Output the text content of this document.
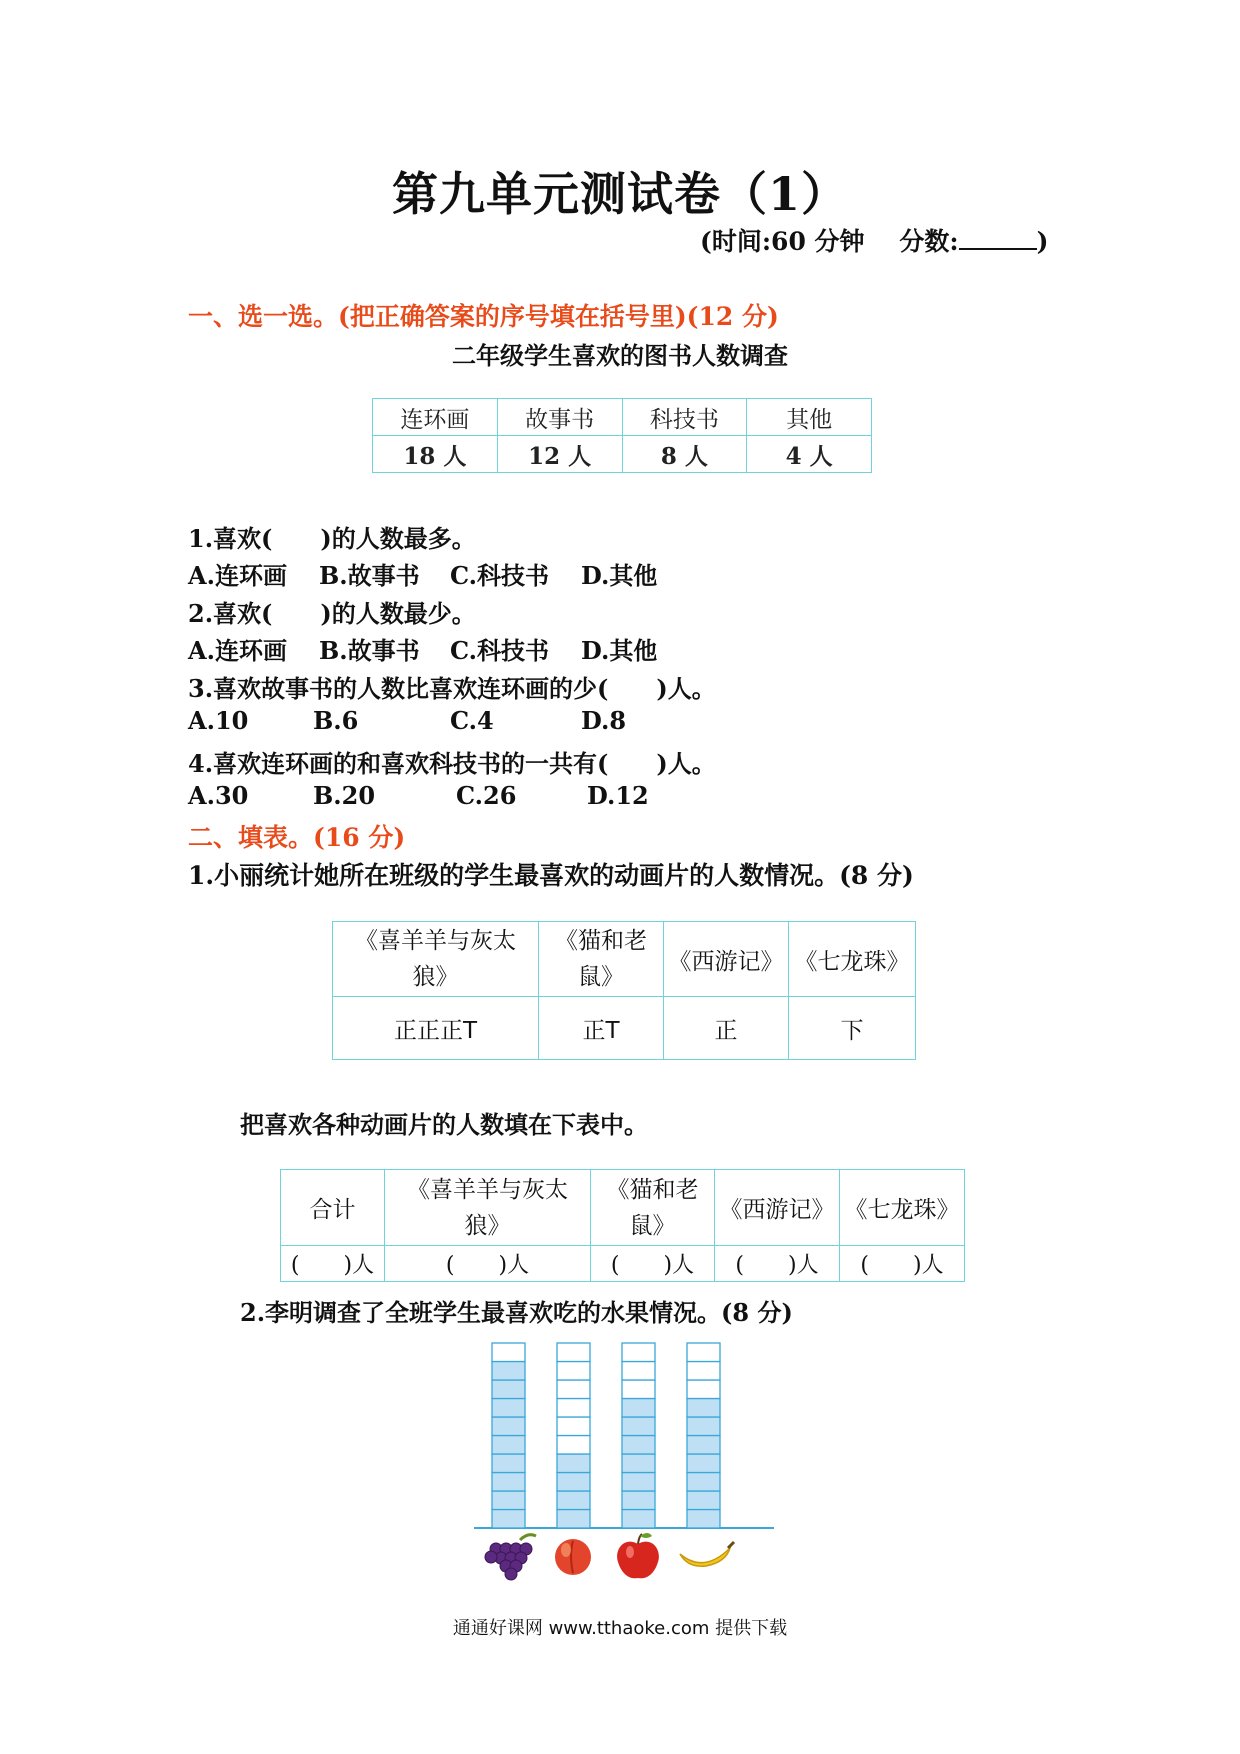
第九单元测试卷（1）
(时间:60 分钟 分数:	)
一、选一选。(把正确答案的序号填在括号里)(12 分)
二年级学生喜欢的图书人数调查
连环画	故事书	科技书	其他
18 人	12 人	8 人	4 人
1.喜欢(　　)的人数最多。
A.连环画 B.故事书 C.科技书 D.其他
2.喜欢(　　)的人数最少。
A.连环画 B.故事书 C.科技书 D.其他
3.喜欢故事书的人数比喜欢连环画的少(　　)人。
A.10	B.6	C.4	D.8
4.喜欢连环画的和喜欢科技书的一共有(　　)人。
A.30	B.20	C.26	D.12
二、填表。(16 分)
1.小丽统计她所在班级的学生最喜欢的动画片的人数情况。(8 分)
《喜羊羊与灰太狼》	《猫和老鼠》	《西游记》	《七龙珠》
正正正T	正T	正	下
把喜欢各种动画片的人数填在下表中。
合计	《喜羊羊与灰太狼》	《猫和老鼠》	《西游记》	《七龙珠》
(　　)人	(　　)人	(　　)人	(　　)人	(　　)人
2.李明调查了全班学生最喜欢吃的水果情况。(8 分)
通通好课网 www.tthaoke.com 提供下载
